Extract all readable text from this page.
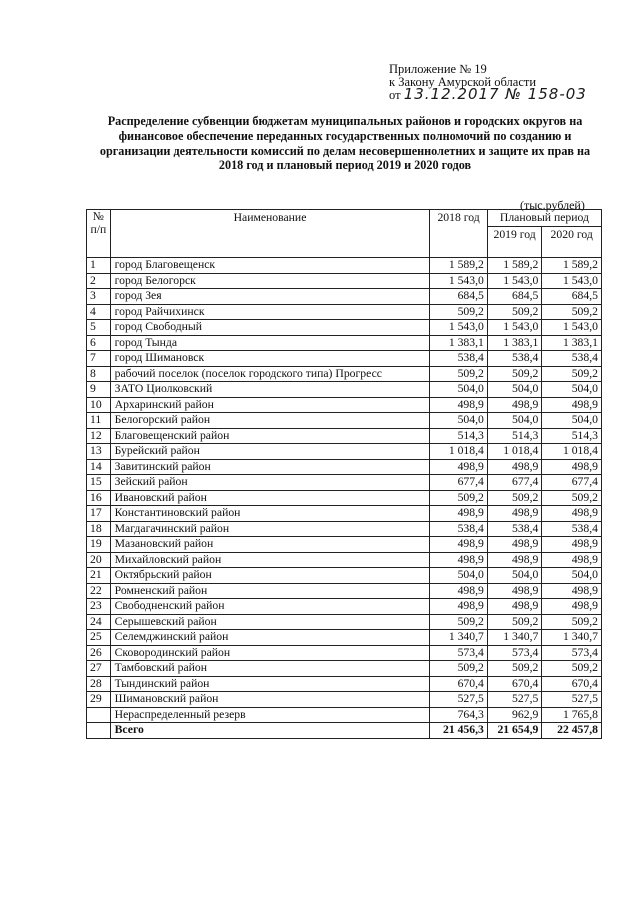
Приложение № 19
к Закону Амурской области
от 13.12.2017 № 158-03
Распределение субвенции бюджетам муниципальных районов и городских округов на финансовое обеспечение переданных государственных полномочий по созданию и организации деятельности комиссий по делам несовершеннолетних и защите их прав на 2018 год и плановый период 2019 и 2020 годов
(тыс.рублей)
№ п/п	Наименование	2018 год	Плановый период	
			2019 год	2020 год
1	город Благовещенск	1 589,2	1 589,2	1 589,2
2	город Белогорск	1 543,0	1 543,0	1 543,0
3	город Зея	684,5	684,5	684,5
4	город Райчихинск	509,2	509,2	509,2
5	город Свободный	1 543,0	1 543,0	1 543,0
6	город Тында	1 383,1	1 383,1	1 383,1
7	город Шимановск	538,4	538,4	538,4
8	рабочий поселок (поселок городского типа) Прогресс	509,2	509,2	509,2
9	ЗАТО Циолковский	504,0	504,0	504,0
10	Архаринский район	498,9	498,9	498,9
11	Белогорский район	504,0	504,0	504,0
12	Благовещенский район	514,3	514,3	514,3
13	Бурейский район	1 018,4	1 018,4	1 018,4
14	Завитинский район	498,9	498,9	498,9
15	Зейский район	677,4	677,4	677,4
16	Ивановский район	509,2	509,2	509,2
17	Константиновский район	498,9	498,9	498,9
18	Магдагачинский район	538,4	538,4	538,4
19	Мазановский район	498,9	498,9	498,9
20	Михайловский район	498,9	498,9	498,9
21	Октябрьский район	504,0	504,0	504,0
22	Ромненский район	498,9	498,9	498,9
23	Свободненский район	498,9	498,9	498,9
24	Серышевский район	509,2	509,2	509,2
25	Селемджинский район	1 340,7	1 340,7	1 340,7
26	Сковородинский район	573,4	573,4	573,4
27	Тамбовский район	509,2	509,2	509,2
28	Тындинский район	670,4	670,4	670,4
29	Шимановский район	527,5	527,5	527,5
	Нераспределенный резерв	764,3	962,9	1 765,8
	Всего	21 456,3	21 654,9	22 457,8
